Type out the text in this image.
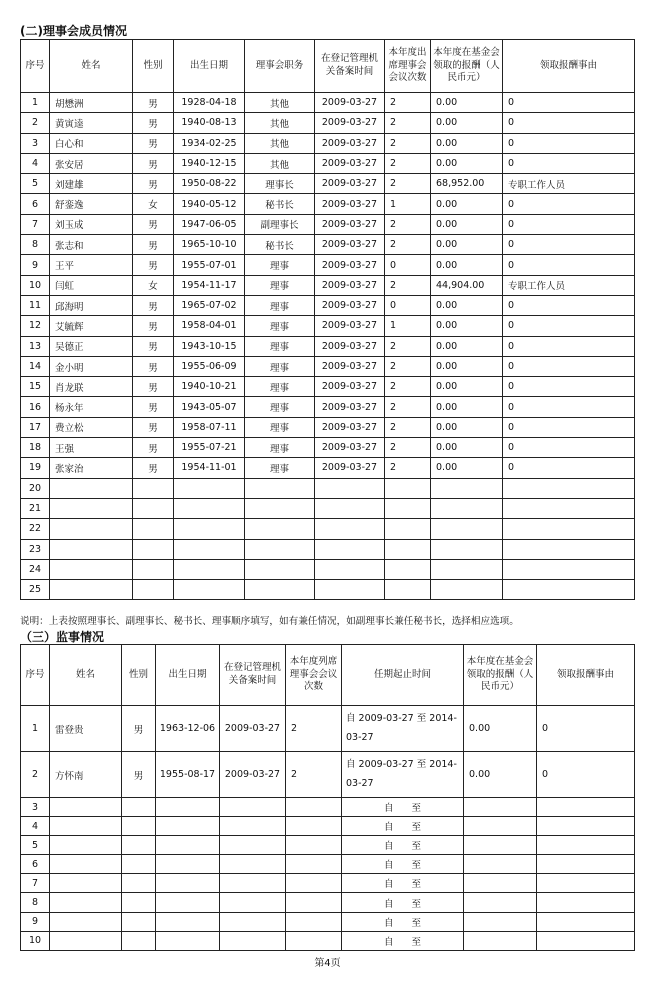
(二)理事会成员情况
序号	姓名	性别	出生日期	理事会职务	在登记管理机关备案时间	本年度出席理事会会议次数	本年度在基金会领取的报酬（人民币元）	领取报酬事由
1	胡懋洲	男	1928-04-18	其他	2009-03-27	2	0.00	0
2	黄寅逵	男	1940-08-13	其他	2009-03-27	2	0.00	0
3	白心和	男	1934-02-25	其他	2009-03-27	2	0.00	0
4	张安居	男	1940-12-15	其他	2009-03-27	2	0.00	0
5	刘建雄	男	1950-08-22	理事长	2009-03-27	2	68,952.00	专职工作人员
6	舒銮逸	女	1940-05-12	秘书长	2009-03-27	1	0.00	0
7	刘玉成	男	1947-06-05	副理事长	2009-03-27	2	0.00	0
8	张志和	男	1965-10-10	秘书长	2009-03-27	2	0.00	0
9	王平	男	1955-07-01	理事	2009-03-27	0	0.00	0
10	闫虹	女	1954-11-17	理事	2009-03-27	2	44,904.00	专职工作人员
11	邱海明	男	1965-07-02	理事	2009-03-27	0	0.00	0
12	艾毓辉	男	1958-04-01	理事	2009-03-27	1	0.00	0
13	吴德正	男	1943-10-15	理事	2009-03-27	2	0.00	0
14	金小明	男	1955-06-09	理事	2009-03-27	2	0.00	0
15	肖龙联	男	1940-10-21	理事	2009-03-27	2	0.00	0
16	杨永年	男	1943-05-07	理事	2009-03-27	2	0.00	0
17	费立松	男	1958-07-11	理事	2009-03-27	2	0.00	0
18	王强	男	1955-07-21	理事	2009-03-27	2	0.00	0
19	张家治	男	1954-11-01	理事	2009-03-27	2	0.00	0
20								
21								
22								
23								
24								
25								
说明：上表按照理事长、副理事长、秘书长、理事顺序填写，如有兼任情况，如副理事长兼任秘书长，选择相应选项。
（三）监事情况
序号	姓名	性别	出生日期	在登记管理机关备案时间	本年度列席理事会会议次数	任期起止时间	本年度在基金会领取的报酬（人民币元）	领取报酬事由
1	雷登贵	男	1963-12-06	2009-03-27	2	自 2009-03-27 至 2014-03-27	0.00	0
2	方怀南	男	1955-08-17	2009-03-27	2	自 2009-03-27 至 2014-03-27	0.00	0
3						自 至		
4						自 至		
5						自 至		
6						自 至		
7						自 至		
8						自 至		
9						自 至		
10						自 至		
第4页
